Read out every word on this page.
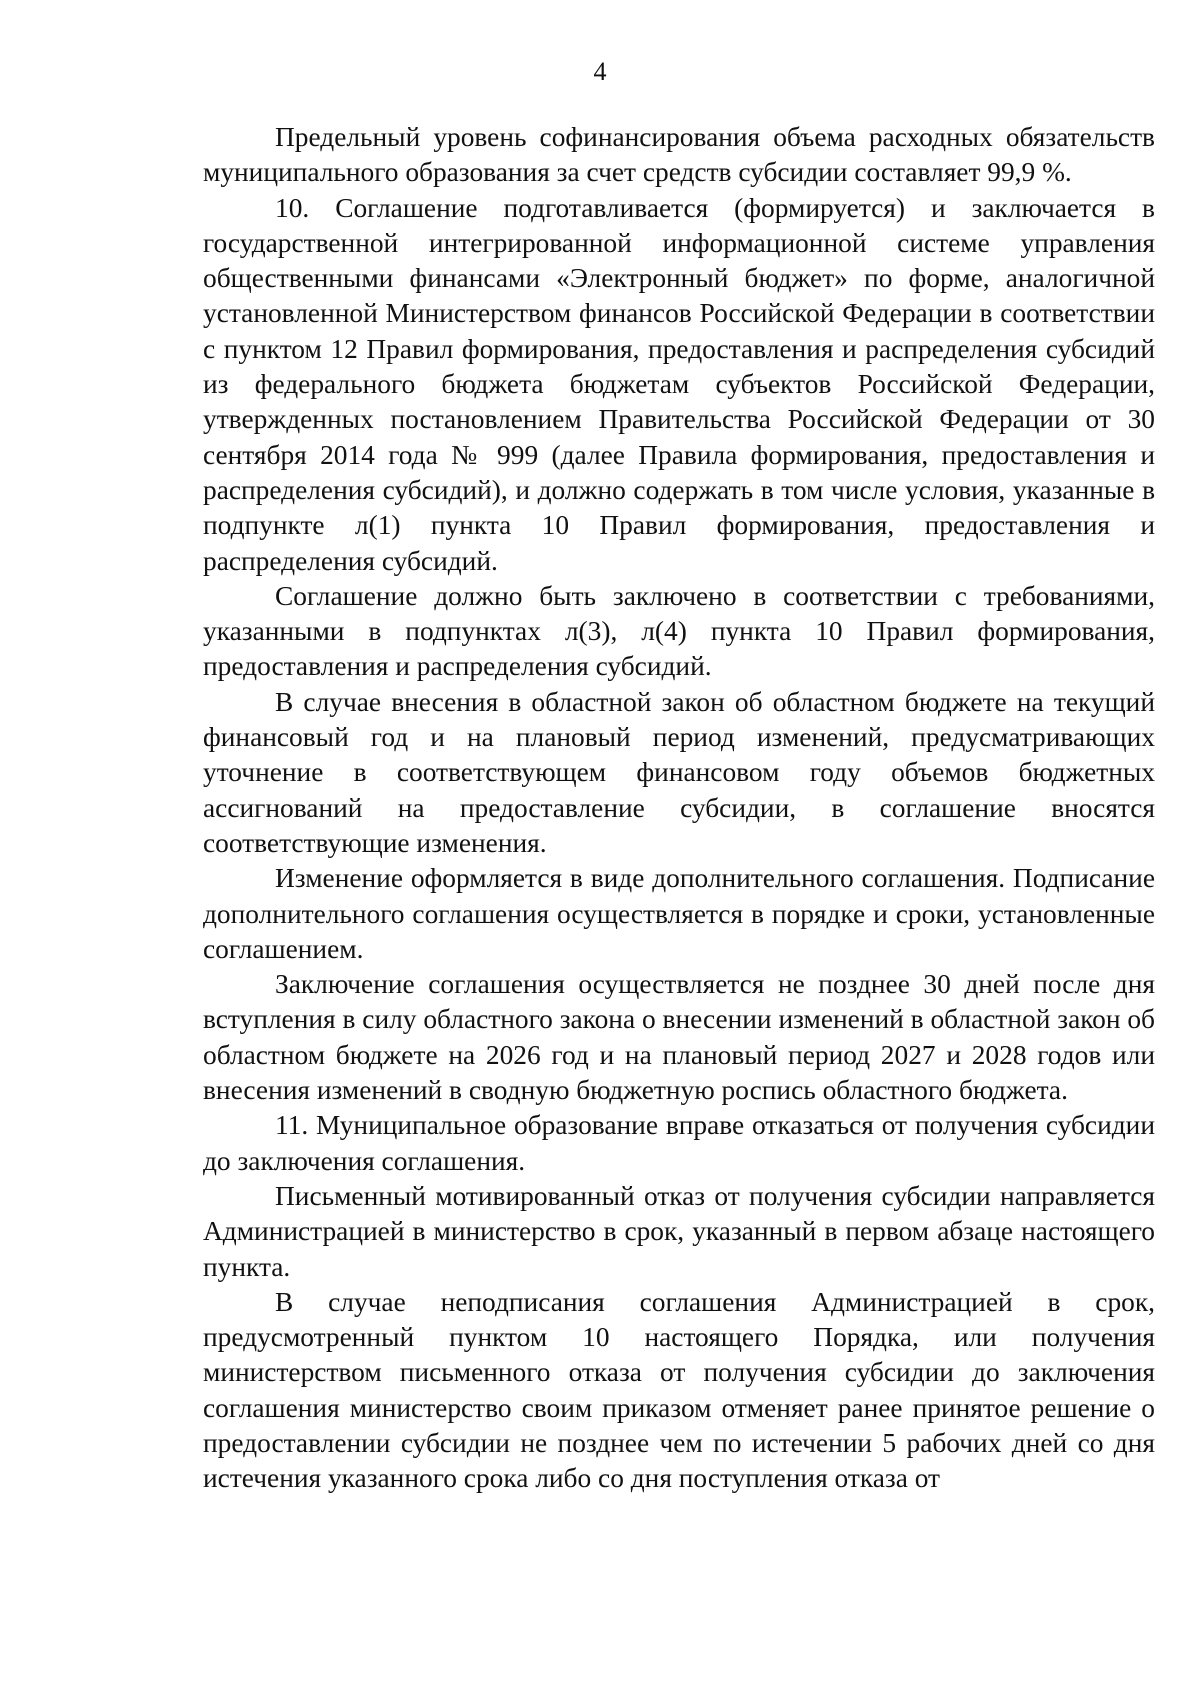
4

Предельный уровень софинансирования объема расходных обязательств муниципального образования за счет средств субсидии составляет 99,9 %.

10. Соглашение подготавливается (формируется) и заключается в государственной интегрированной информационной системе управления общественными финансами «Электронный бюджет» по форме, аналогичной установленной Министерством финансов Российской Федерации в соответствии с пунктом 12 Правил формирования, предоставления и распределения субсидий из федерального бюджета бюджетам субъектов Российской Федерации, утвержденных постановлением Правительства Российской Федерации от 30 сентября 2014 года № 999 (далее Правила формирования, предоставления и распределения субсидий), и должно содержать в том числе условия, указанные в подпункте л(1) пункта 10 Правил формирования, предоставления и распределения субсидий.

Соглашение должно быть заключено в соответствии с требованиями, указанными в подпунктах л(3), л(4) пункта 10 Правил формирования, предоставления и распределения субсидий.

В случае внесения в областной закон об областном бюджете на текущий финансовый год и на плановый период изменений, предусматривающих уточнение в соответствующем финансовом году объемов бюджетных ассигнований на предоставление субсидии, в соглашение вносятся соответствующие изменения.

Изменение оформляется в виде дополнительного соглашения. Подписание дополнительного соглашения осуществляется в порядке и сроки, установленные соглашением.

Заключение соглашения осуществляется не позднее 30 дней после дня вступления в силу областного закона о внесении изменений в областной закон об областном бюджете на 2026 год и на плановый период 2027 и 2028 годов или внесения изменений в сводную бюджетную роспись областного бюджета.

11. Муниципальное образование вправе отказаться от получения субсидии до заключения соглашения.

Письменный мотивированный отказ от получения субсидии направляется Администрацией в министерство в срок, указанный в первом абзаце настоящего пункта.

В случае неподписания соглашения Администрацией в срок, предусмотренный пунктом 10 настоящего Порядка, или получения министерством письменного отказа от получения субсидии до заключения соглашения министерство своим приказом отменяет ранее принятое решение о предоставлении субсидии не позднее чем по истечении 5 рабочих дней со дня истечения указанного срока либо со дня поступления отказа от
